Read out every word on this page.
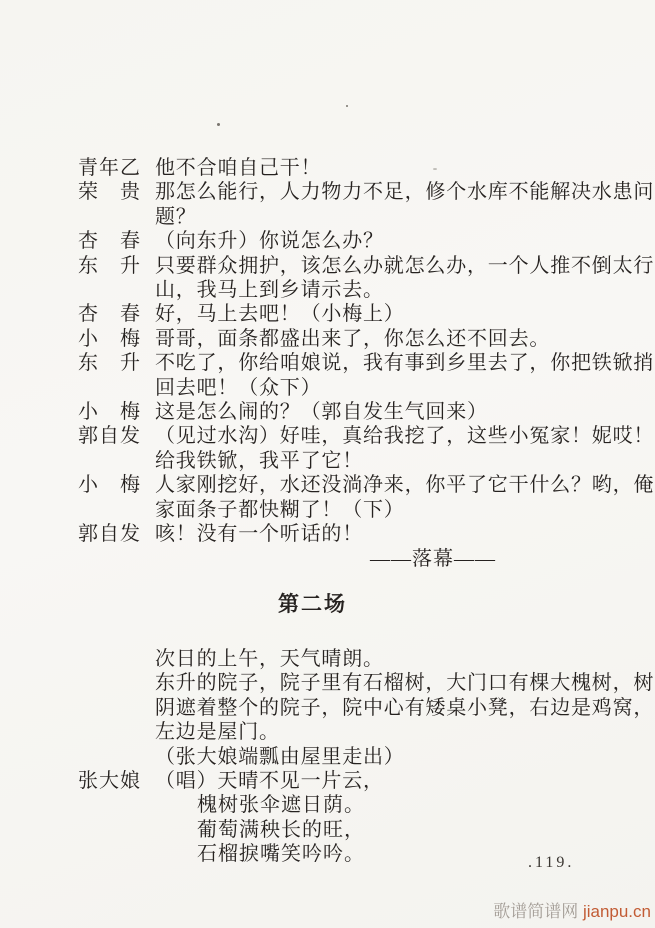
青年乙 他不合咱自己干！
荣　贵 那怎么能行，人力物力不足，修个水库不能解决水患问
题？
杏　春 （向东升）你说怎么办？
东　升 只要群众拥护，该怎么办就怎么办，一个人推不倒太行
山，我马上到乡请示去。
杏　春 好，马上去吧！（小梅上）
小　梅 哥哥，面条都盛出来了，你怎么还不回去。
东　升 不吃了，你给咱娘说，我有事到乡里去了，你把铁锨捎
回去吧！（众下）
小　梅 这是怎么闹的？（郭自发生气回来）
郭自发 （见过水沟）好哇，真给我挖了，这些小冤家！妮哎！
给我铁锨，我平了它！
小　梅 人家刚挖好，水还没淌净来，你平了它干什么？哟，俺
家面条子都快糊了！（下）
郭自发 咳！没有一个听话的！
——落幕——
第二场
次日的上午，天气晴朗。
东升的院子，院子里有石榴树，大门口有棵大槐树，树
阴遮着整个的院子，院中心有矮桌小凳，右边是鸡窝，
左边是屋门。
（张大娘端瓢由屋里走出）
张大娘 （唱）天晴不见一片云，
槐树张伞遮日荫。
葡萄满秧长的旺，
石榴捩嘴笑吟吟。	.119.
歌谱简谱网 jianpu.cn
